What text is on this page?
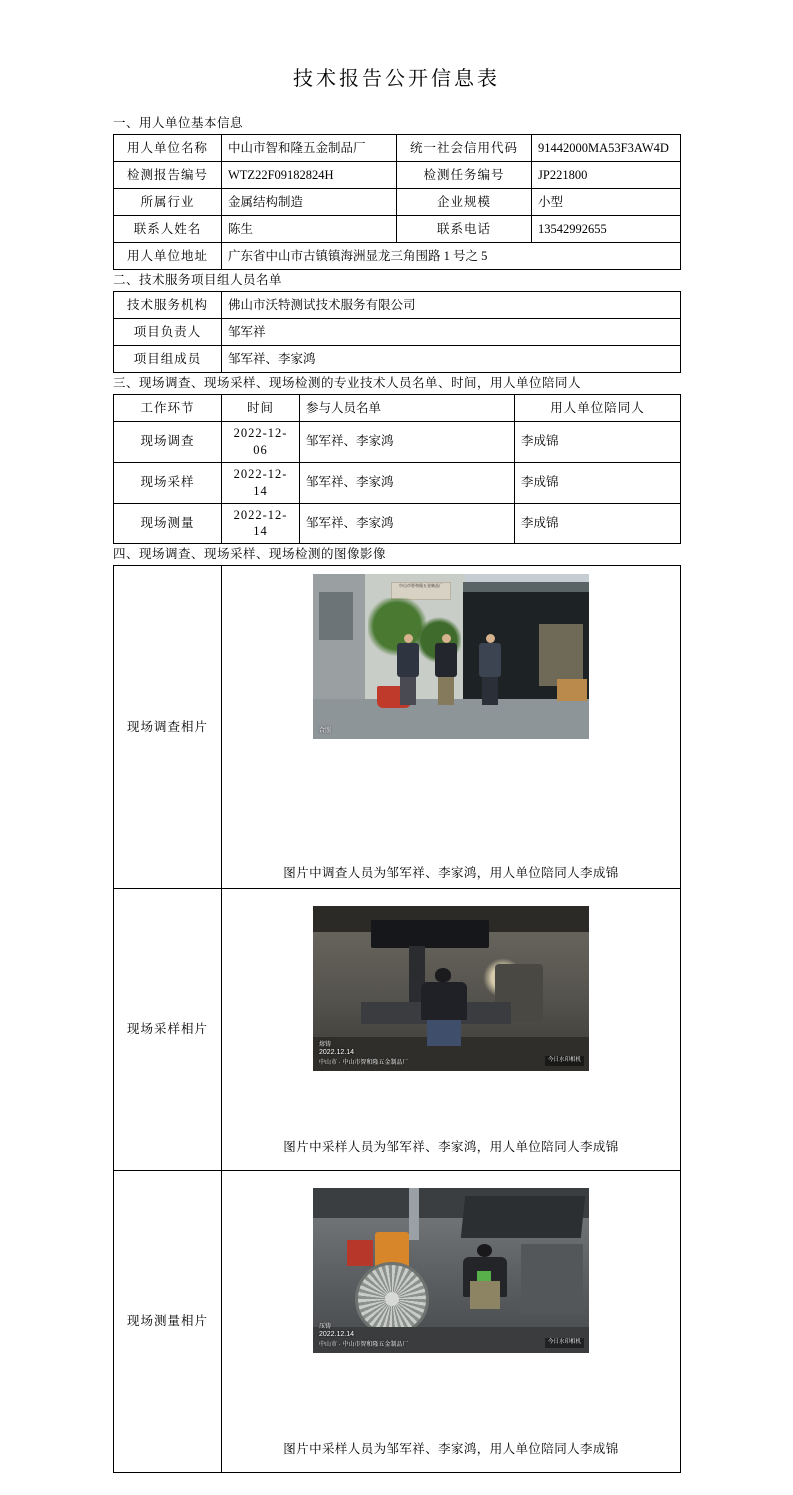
技术报告公开信息表
一、用人单位基本信息
用人单位名称	中山市智和隆五金制品厂	统一社会信用代码	91442000MA53F3AW4D
检测报告编号	WTZ22F09182824H	检测任务编号	JP221800
所属行业	金属结构制造	企业规模	小型
联系人姓名	陈生	联系电话	13542992655
用人单位地址	广东省中山市古镇镇海洲显龙三角围路 1 号之 5		
二、技术服务项目组人员名单
技术服务机构	佛山市沃特测试技术服务有限公司
项目负责人	邹军祥
项目组成员	邹军祥、李家鸿
三、现场调查、现场采样、现场检测的专业技术人员名单、时间，用人单位陪同人
工作环节	时间	参与人员名单	用人单位陪同人
现场调查	2022-12-06	邹军祥、李家鸿	李成锦
现场采样	2022-12-14	邹军祥、李家鸿	李成锦
现场测量	2022-12-14	邹军祥、李家鸿	李成锦
四、现场调查、现场采样、现场检测的图像影像
现场调查相片	中山市智和隆五金制品厂
合照
图片中调查人员为邹军祥、李家鸿，用人单位陪同人李成锦

现场采样相片	熔铸
2022.12.14
中山市 · 中山市智和隆五金制品厂 今日水印相机
图片中采样人员为邹军祥、李家鸿，用人单位陪同人李成锦

现场测量相片	压铸
2022.12.14
中山市 · 中山市智和隆五金制品厂 今日水印相机
图片中采样人员为邹军祥、李家鸿，用人单位陪同人李成锦
